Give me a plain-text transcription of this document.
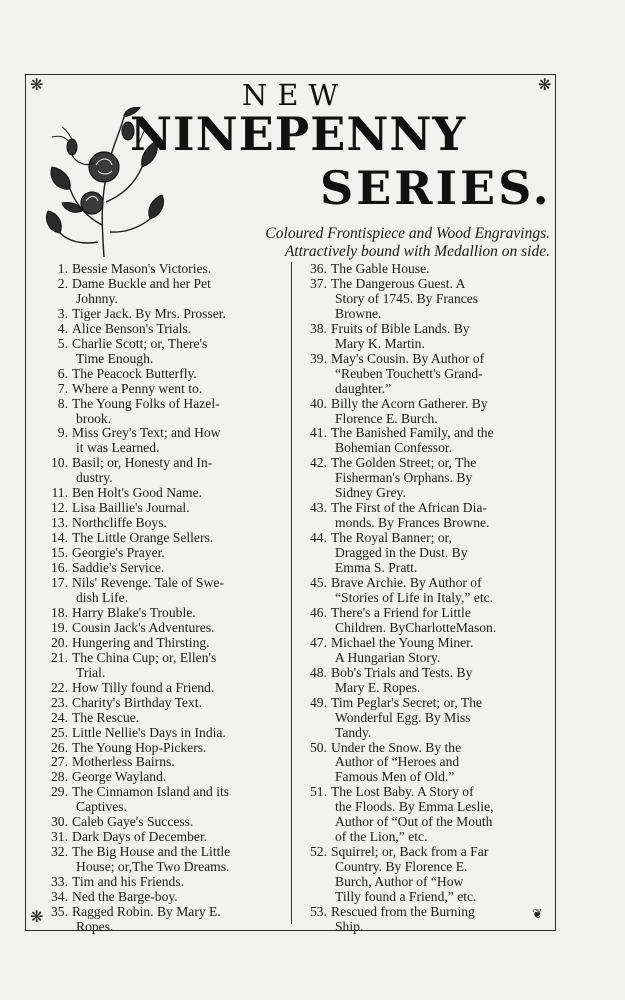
❋	❋
❋	❦
NEW
NINEPENNY
SERIES.
Coloured Frontispiece and Wood Engravings.
Attractively bound with Medallion on side.
1. Bessie Mason's Victories.
2. Dame Buckle and her Pet
Johnny.
3. Tiger Jack. By Mrs. Prosser.
4. Alice Benson's Trials.
5. Charlie Scott; or, There's
Time Enough.
6. The Peacock Butterfly.
7. Where a Penny went to.
8. The Young Folks of Hazel-
brook.
9. Miss Grey's Text; and How
it was Learned.
10. Basil; or, Honesty and In-
dustry.
11. Ben Holt's Good Name.
12. Lisa Baillie's Journal.
13. Northcliffe Boys.
14. The Little Orange Sellers.
15. Georgie's Prayer.
16. Saddie's Service.
17. Nils' Revenge. Tale of Swe-
dish Life.
18. Harry Blake's Trouble.
19. Cousin Jack's Adventures.
20. Hungering and Thirsting.
21. The China Cup; or, Ellen's
Trial.
22. How Tilly found a Friend.
23. Charity's Birthday Text.
24. The Rescue.
25. Little Nellie's Days in India.
26. The Young Hop-Pickers.
27. Motherless Bairns.
28. George Wayland.
29. The Cinnamon Island and its
Captives.
30. Caleb Gaye's Success.
31. Dark Days of December.
32. The Big House and the Little
House; or,The Two Dreams.
33. Tim and his Friends.
34. Ned the Barge-boy.
35. Ragged Robin. By Mary E.
Ropes.
36. The Gable House.
37. The Dangerous Guest. A
Story of 1745. By Frances
Browne.
38. Fruits of Bible Lands. By
Mary K. Martin.
39. May's Cousin. By Author of
“Reuben Touchett's Grand-
daughter.”
40. Billy the Acorn Gatherer. By
Florence E. Burch.
41. The Banished Family, and the
Bohemian Confessor.
42. The Golden Street; or, The
Fisherman's Orphans. By
Sidney Grey.
43. The First of the African Dia-
monds. By Frances Browne.
44. The Royal Banner; or,
Dragged in the Dust. By
Emma S. Pratt.
45. Brave Archie. By Author of
“Stories of Life in Italy,” etc.
46. There's a Friend for Little
Children. ByCharlotteMason.
47. Michael the Young Miner.
A Hungarian Story.
48. Bob's Trials and Tests. By
Mary E. Ropes.
49. Tim Peglar's Secret; or, The
Wonderful Egg. By Miss
Tandy.
50. Under the Snow. By the
Author of “Heroes and
Famous Men of Old.”
51. The Lost Baby. A Story of
the Floods. By Emma Leslie,
Author of “Out of the Mouth
of the Lion,” etc.
52. Squirrel; or, Back from a Far
Country. By Florence E.
Burch, Author of “How
Tilly found a Friend,” etc.
53. Rescued from the Burning
Ship.
